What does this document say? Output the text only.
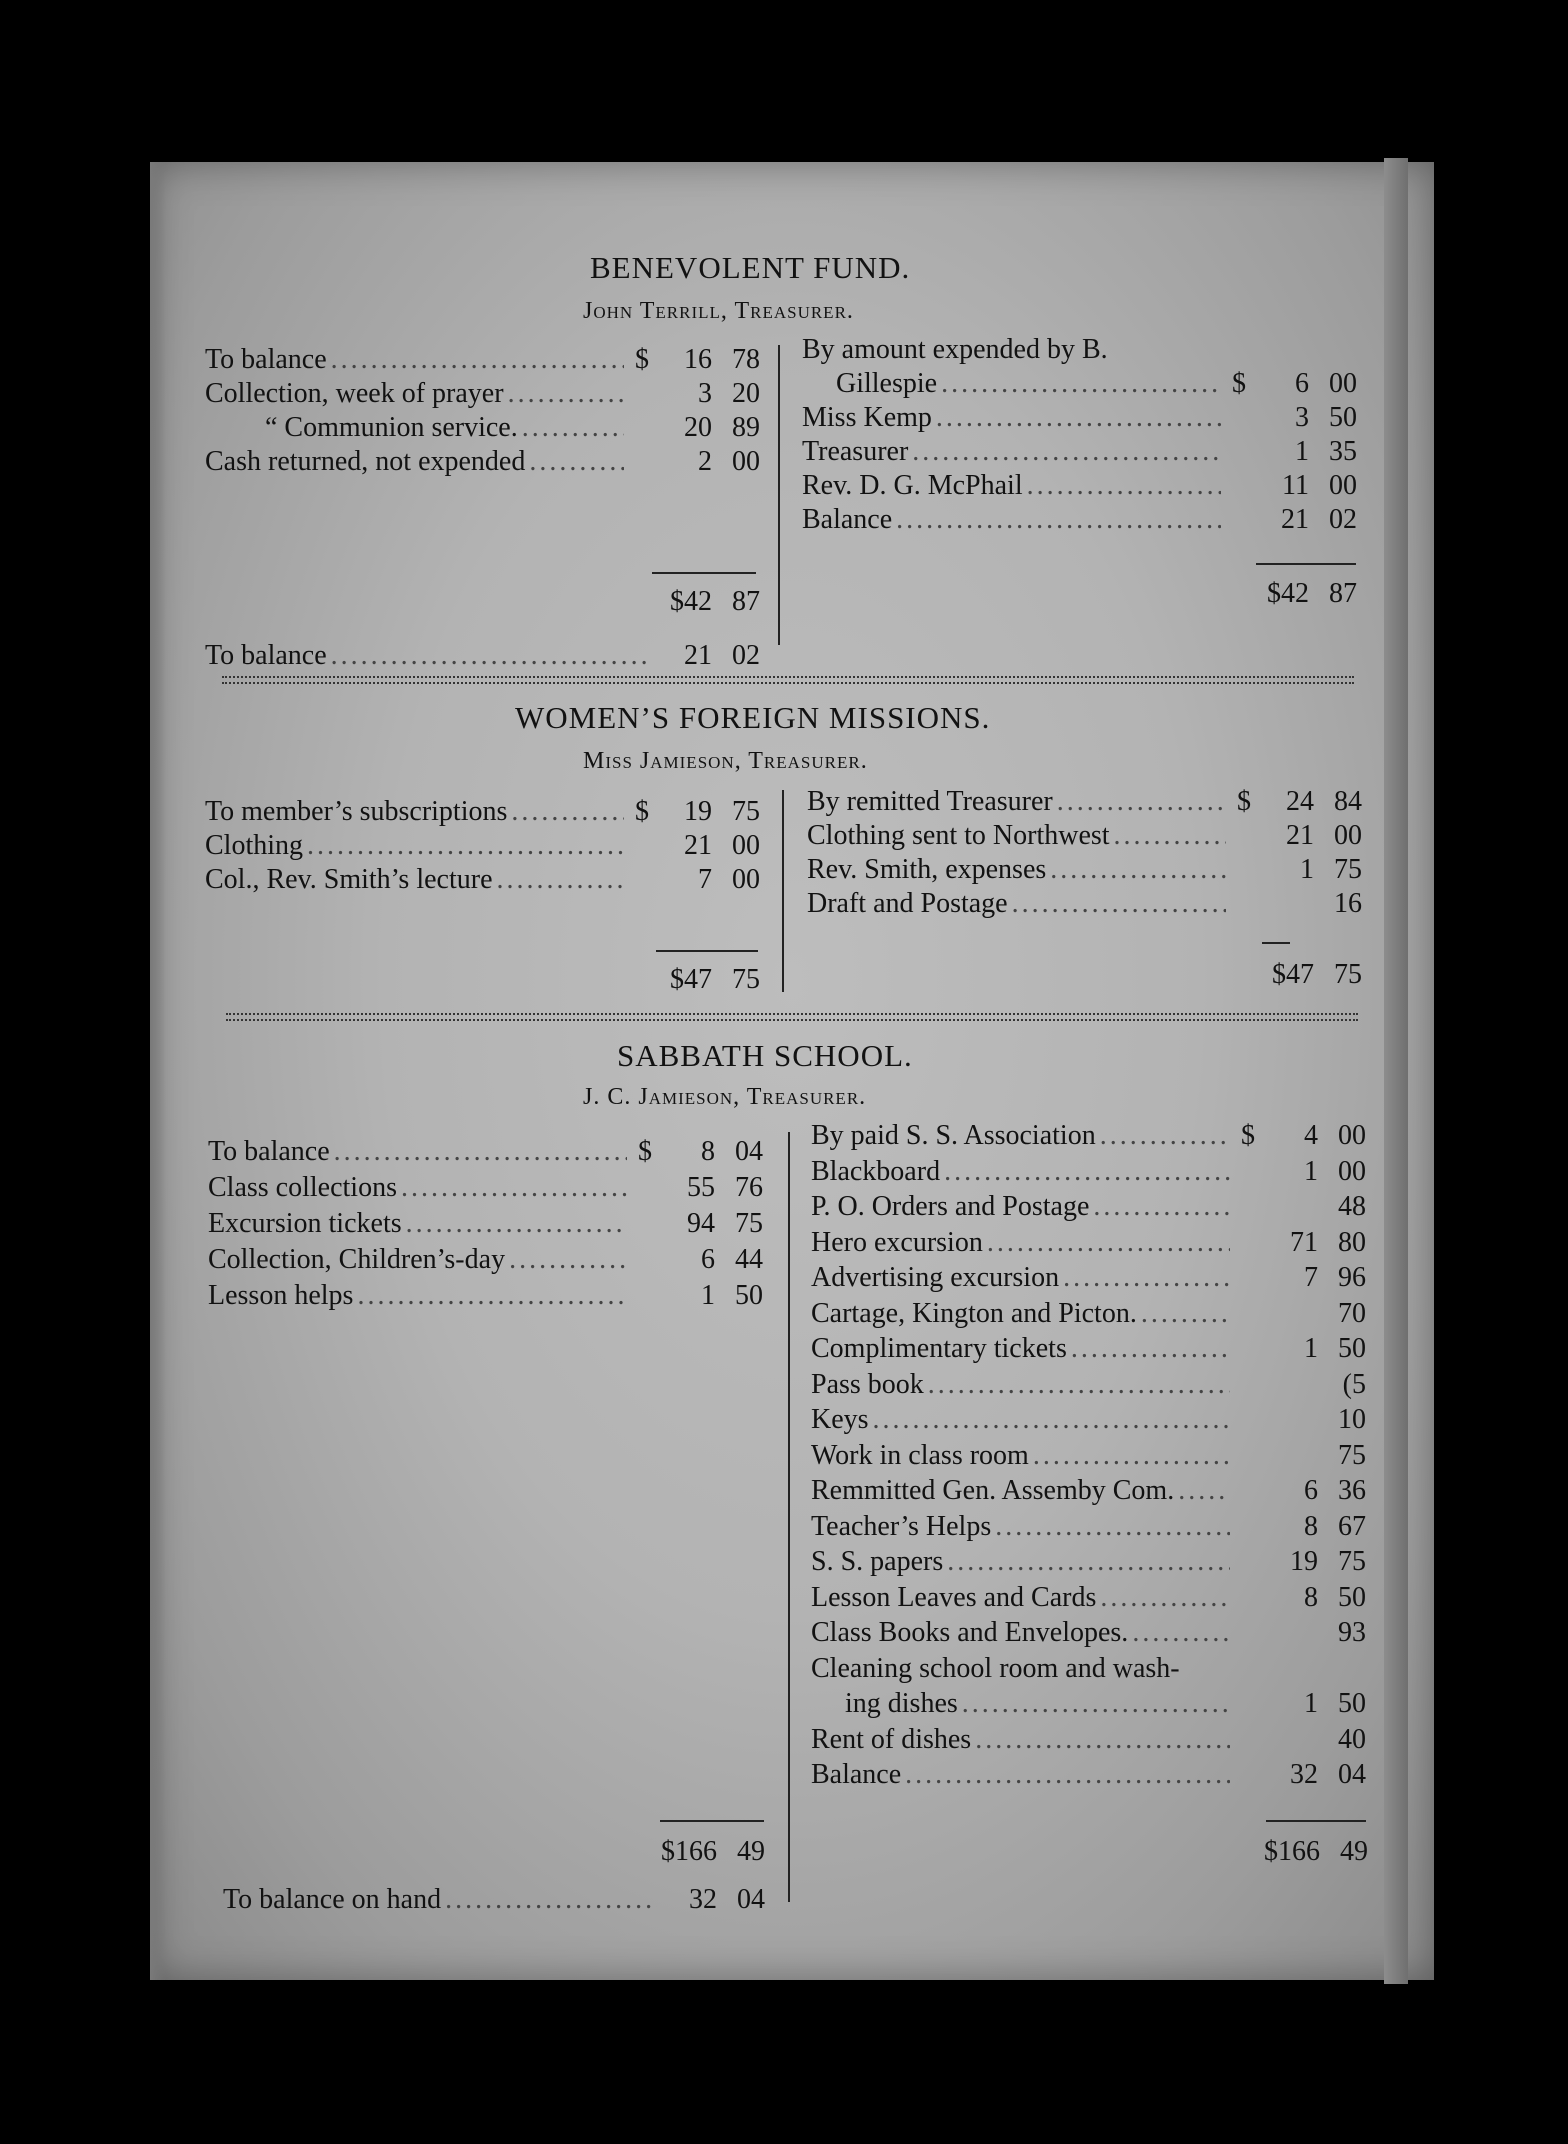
BENEVOLENT FUND.
John Terrill, Treasurer.
To balance .....	$	16 78
Collection, week of prayer .....	3 20
“ Communion service. .....	20 89
Cash returned, not expended .....	2 00
By amount expended by B.
Gillespie .....	$	6 00
Miss Kemp .....	3 50
Treasurer .....	1 35
Rev. D. G. McPhail .....	11 00
Balance .....	21 02
$42 87	$42 87
To balance .....	21 02
WOMEN’S FOREIGN MISSIONS.
Miss Jamieson, Treasurer.
To member’s subscriptions .....	$	19 75
Clothing .....	21 00
Col., Rev. Smith’s lecture .....	7 00
By remitted Treasurer .....	$	24 84
Clothing sent to Northwest .....	21 00
Rev. Smith, expenses .....	1 75
Draft and Postage .....	16
$47 75	$47 75
SABBATH SCHOOL.
J. C. Jamieson, Treasurer.
To balance .....	$	8 04
Class collections .....	55 76
Excursion tickets .....	94 75
Collection, Children’s-day .....	6 44
Lesson helps .....	1 50
By paid S. S. Association .....	$	4 00
Blackboard .....	1 00
P. O. Orders and Postage .....	48
Hero excursion .....	71 80
Advertising excursion .....	7 96
Cartage, Kington and Picton. .....	70
Complimentary tickets .....	1 50
Pass book .....	(5
Keys .....	10
Work in class room .....	75
Remmitted Gen. Assemby Com. .....	6 36
Teacher’s Helps .....	8 67
S. S. papers .....	19 75
Lesson Leaves and Cards .....	8 50
Class Books and Envelopes. .....	93
Cleaning school room and wash-
ing dishes .....	1 50
Rent of dishes .....	40
Balance .....	32 04
$166 49	$166 49
To balance on hand .....	32 04
